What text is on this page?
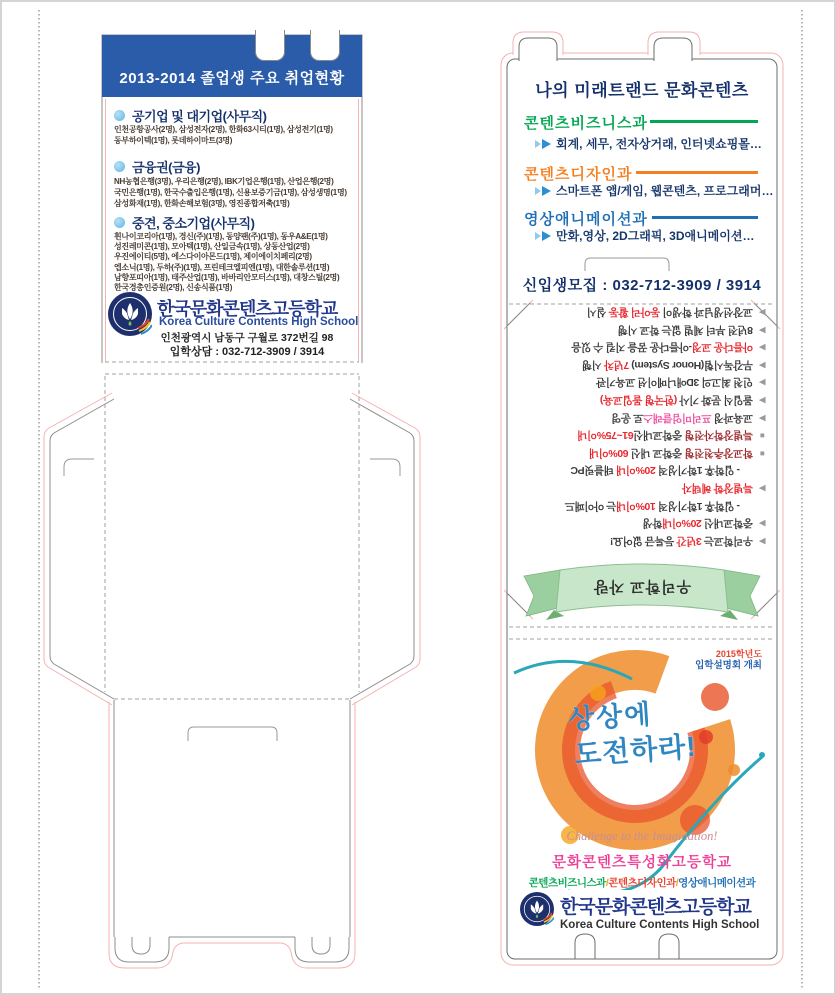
2013-2014 졸업생 주요 취업현황
공기업 및 대기업(사무직)
인천공항공사(2명), 삼성전자(2명), 한화63시티(1명), 삼성전기(1명)
동부하이텍(1명), 롯데하이마트(3명)
금융권(금융)
NH농협은행(3명), 우리은행(2명), IBK기업은행(1명), 산업은행(2명)
국민은행(1명), 한국수출입은행(1명), 신용보증기금(1명), 삼성생명(1명)
삼성화재(1명), 한화손해보험(3명), 영진종합저축(1명)
중견, 중소기업(사무직)
휜나이코리아(1명), 경신(주)(1명), 동양팬(주)(1명), 동우A&E(1명)
성진레미콘(1명), 모아텍(1명), 산일금속(1명), 상동산업(2명)
우진에이티(5명), 에스다이아몬드(1명), 제이에이치페리(2명)
엡소닉(1명), 두하(주)(1명), 프린테크엘피엔(1명), 대한솔루션(1명)
남향포띠아(1명), 태주산업(1명), 바바리안모터스(1명), 대창스틸(2명)
한국경총인증원(2명), 신송식품(1명)
한국문화콘텐츠고등학교
Korea Culture Contents High School
인천광역시 남동구 구월로 372번길 98
입학상담 : 032-712-3909 / 3914
나의 미래트랜드 문화콘텐츠
콘텐츠비즈니스과
회계, 세무, 전자상거래, 인터넷쇼핑몰…
콘텐츠디자인과
스마트폰 앱/게임, 웹콘텐츠, 프로그래머…
영상애니메이션과
만화,영상, 2D그래픽, 3D애니메이션…
신입생모집 : 032-712-3909 / 3914
▶
우리학교는 3년간 등록금 없어요!
▶
중학교내신 20%이내학생
- 입학후 1학기성적 10%이내는 아이패드
▶
특별장학 혜택자
- 입학후 1학기성적 20%이내 태블릿PC
■
학교장추천전형 중학교 내신 60%이내
■
특별장학자전형 중학교내신61~75%이내
▶
교육과정 프리미엄클래스로 운영
▶
몰입식 문화 기사 (한국형 몰입교육)
▶
인천 최고의 3D애니메이션 교육기관
▶
무감독시험(Honor System) 7년차 시행
▶
아름다운 교정-아름다운 꿈을 지킬 수 있음
▶
8년전 부터 체벌 없는 학교 시행
▶
교장선생님과 학생이 동아리 활동 실시
우리학교 자랑
2015학년도
입학설명회 개최
상상에
도전하라!
Challenge to the Imagination!
문화콘텐츠특성화고등학교
콘텐츠비즈니스과/콘텐츠디자인과/영상애니메이션과
한국문화콘텐츠고등학교
Korea Culture Contents High School
